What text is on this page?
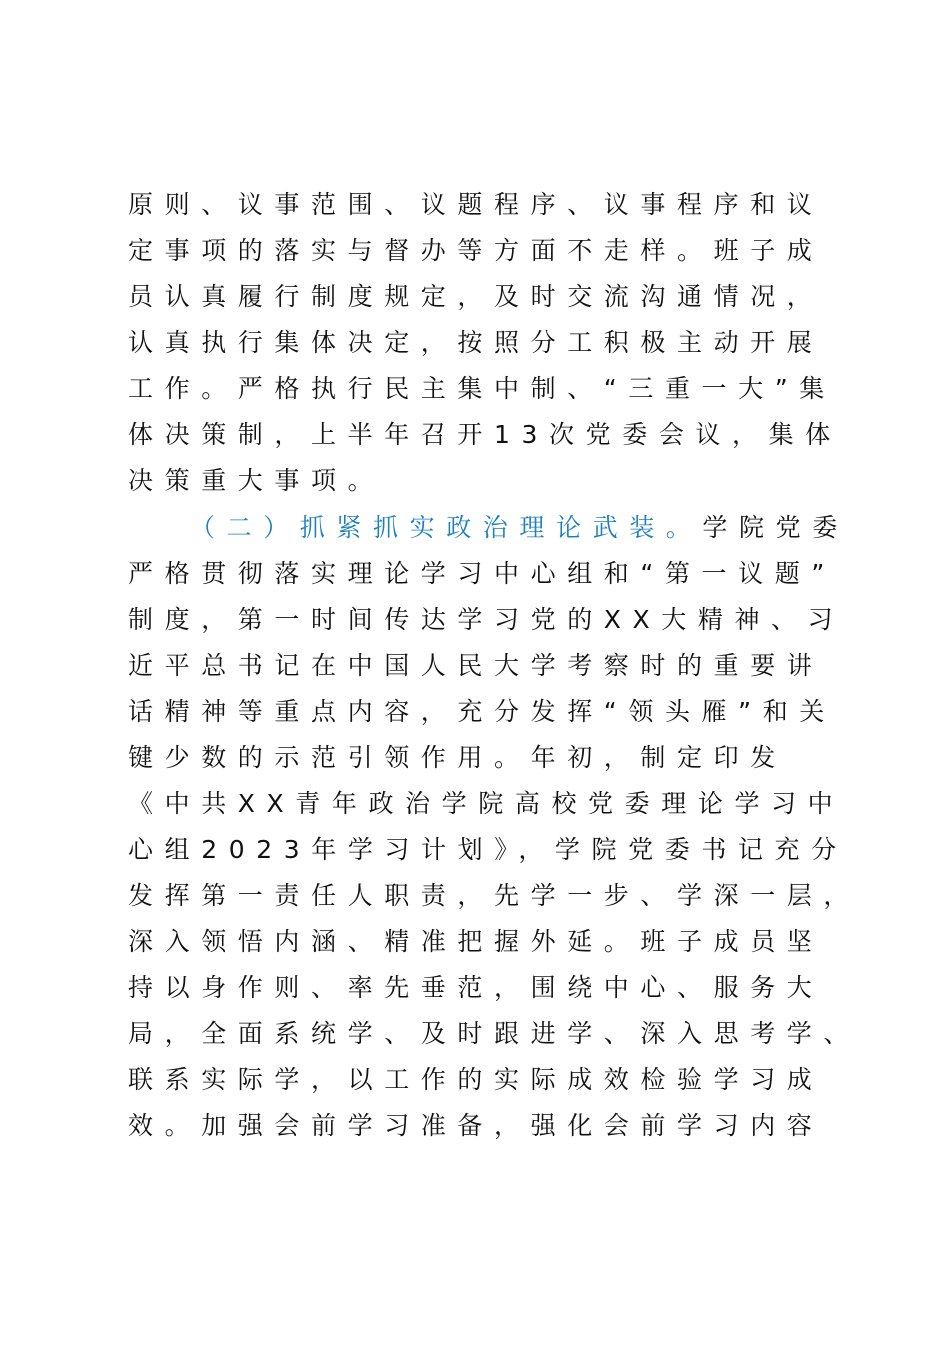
原则、议事范围、议题程序、议事程序和议
定事项的落实与督办等方面不走样。班子成
员认真履行制度规定，及时交流沟通情况，
认真执行集体决定，按照分工积极主动开展
工作。严格执行民主集中制、“三重一大”集
体决策制，上半年召开13次党委会议，集体
决策重大事项。
（二）抓紧抓实政治理论武装。学院党委
严格贯彻落实理论学习中心组和“第一议题”
制度，第一时间传达学习党的XX大精神、习
近平总书记在中国人民大学考察时的重要讲
话精神等重点内容，充分发挥“领头雁”和关
键少数的示范引领作用。年初，制定印发
《中共XX青年政治学院高校党委理论学习中
心组2023年学习计划》，学院党委书记充分
发挥第一责任人职责，先学一步、学深一层，
深入领悟内涵、精准把握外延。班子成员坚
持以身作则、率先垂范，围绕中心、服务大
局，全面系统学、及时跟进学、深入思考学、
联系实际学，以工作的实际成效检验学习成
效。加强会前学习准备，强化会前学习内容
